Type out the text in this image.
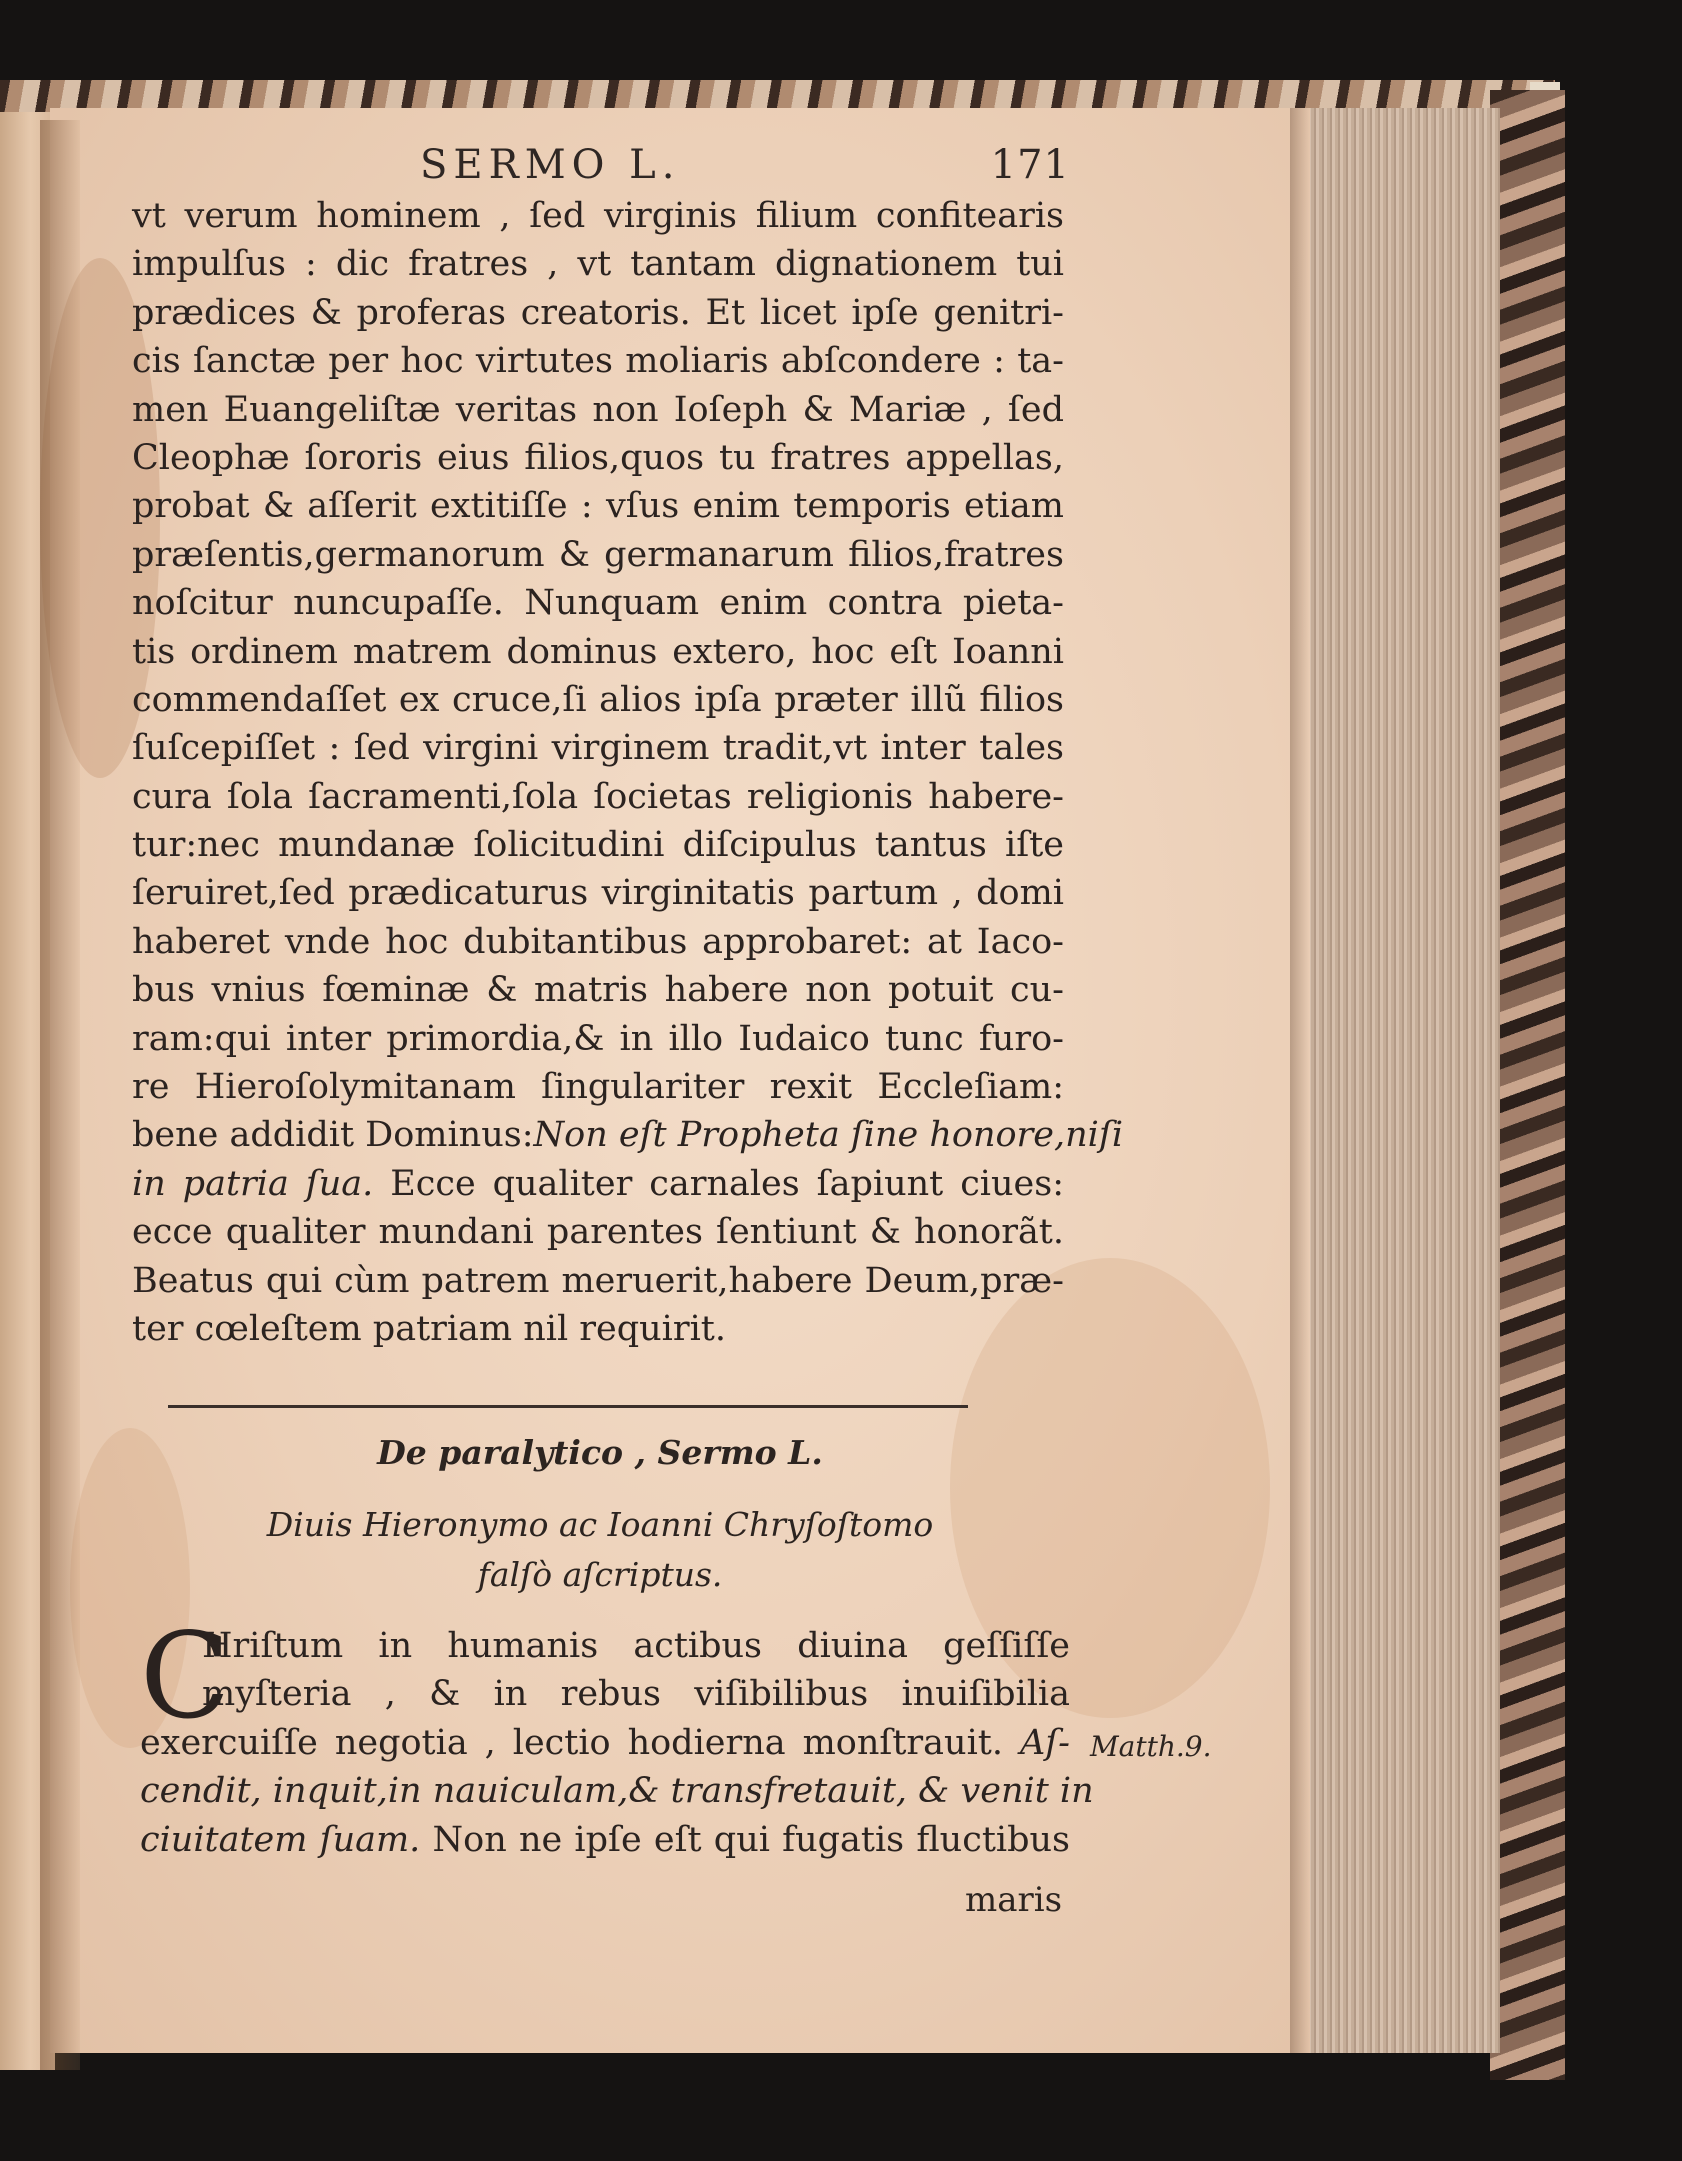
SERMO L.	171
vt verum hominem , ſed virginis filium confitearis
impulſus : dic fratres , vt tantam dignationem tui
prædices & proferas creatoris. Et licet ipſe genitri-
cis ſanctæ per hoc virtutes moliaris abſcondere : ta-
men Euangeliſtæ veritas non Ioſeph & Mariæ , ſed
Cleophæ ſororis eius filios,quos tu fratres appellas,
probat & aſſerit extitiſſe : vſus enim temporis etiam
præſentis,germanorum & germanarum filios,fratres
noſcitur nuncupaſſe. Nunquam enim contra pieta-
tis ordinem matrem dominus extero, hoc eſt Ioanni
commendaſſet ex cruce,ſi alios ipſa præter illũ filios
ſuſcepiſſet : ſed virgini virginem tradit,vt inter tales
cura ſola ſacramenti,ſola ſocietas religionis habere-
tur:nec mundanæ ſolicitudini diſcipulus tantus iſte
ſeruiret,ſed prædicaturus virginitatis partum , domi
haberet vnde hoc dubitantibus approbaret: at Iaco-
bus vnius fœminæ & matris habere non potuit cu-
ram:qui inter primordia,& in illo Iudaico tunc furo-
re Hieroſolymitanam ſingulariter rexit Eccleſiam:
bene addidit Dominus:Non eſt Propheta ſine honore,niſi
in patria ſua. Ecce qualiter carnales ſapiunt ciues:
ecce qualiter mundani parentes ſentiunt & honorãt.
Beatus qui cùm patrem meruerit,habere Deum,præ-
ter cœleſtem patriam nil requirit.
De paralytico , Sermo L.
Diuis Hieronymo ac Ioanni Chryſoſtomo
falſò aſcriptus.
C
Hriſtum in humanis actibus diuina geſſiſſe
myſteria , & in rebus viſibilibus inuiſibilia
exercuiſſe negotia , lectio hodierna monſtrauit. Aſ-
cendit, inquit,in nauiculam,& transfretauit, & venit in
ciuitatem ſuam. Non ne ipſe eſt qui fugatis fluctibus
Matth.9.
maris
